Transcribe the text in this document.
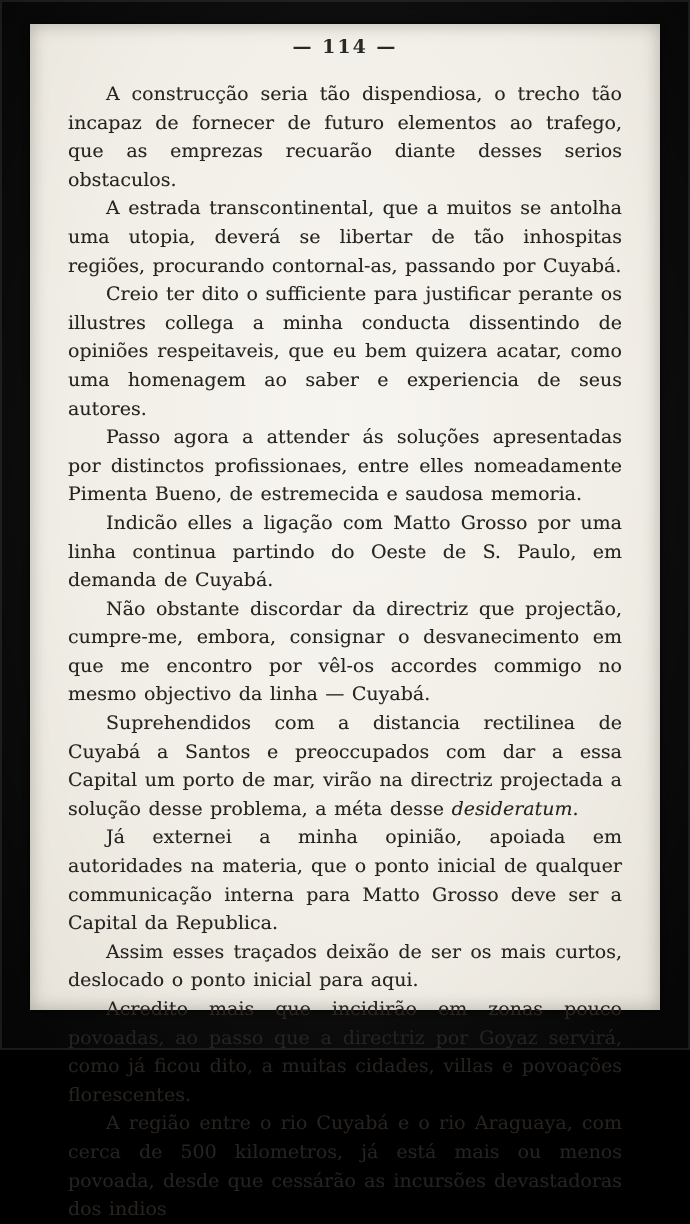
— 114 —

A construcção seria tão dispendiosa, o trecho tão incapaz de fornecer de futuro elementos ao trafego, que as emprezas recuarão diante desses serios obstaculos.

A estrada transcontinental, que a muitos se antolha uma utopia, deverá se libertar de tão inhospitas regiões, procurando contornal-as, passando por Cuyabá.

Creio ter dito o sufficiente para justificar perante os illustres collega a minha conducta dissentindo de opiniões respeitaveis, que eu bem quizera acatar, como uma homenagem ao saber e experiencia de seus autores.

Passo agora a attender ás soluções apresentadas por distinctos profissionaes, entre elles nomeadamente Pimenta Bueno, de estremecida e saudosa memoria.

Indicão elles a ligação com Matto Grosso por uma linha continua partindo do Oeste de S. Paulo, em demanda de Cuyabá.

Não obstante discordar da directriz que projectão, cumpre-me, embora, consignar o desvanecimento em que me encontro por vêl-os accordes commigo no mesmo objectivo da linha — Cuyabá.

Suprehendidos com a distancia rectilinea de Cuyabá a Santos e preoccupados com dar a essa Capital um porto de mar, virão na directriz projectada a solução desse problema, a méta desse desideratum.

Já externei a minha opinião, apoiada em autoridades na materia, que o ponto inicial de qualquer communicação interna para Matto Grosso deve ser a Capital da Republica.

Assim esses traçados deixão de ser os mais curtos, deslocado o ponto inicial para aqui.

Acredito mais que incidirão em zonas pouco povoadas, ao passo que a directriz por Goyaz servirá, como já ficou dito, a muitas cidades, villas e povoações florescentes.

A região entre o rio Cuyabá e o rio Araguaya, com cerca de 500 kilometros, já está mais ou menos povoada, desde que cessárão as incursões devastadoras dos indios
